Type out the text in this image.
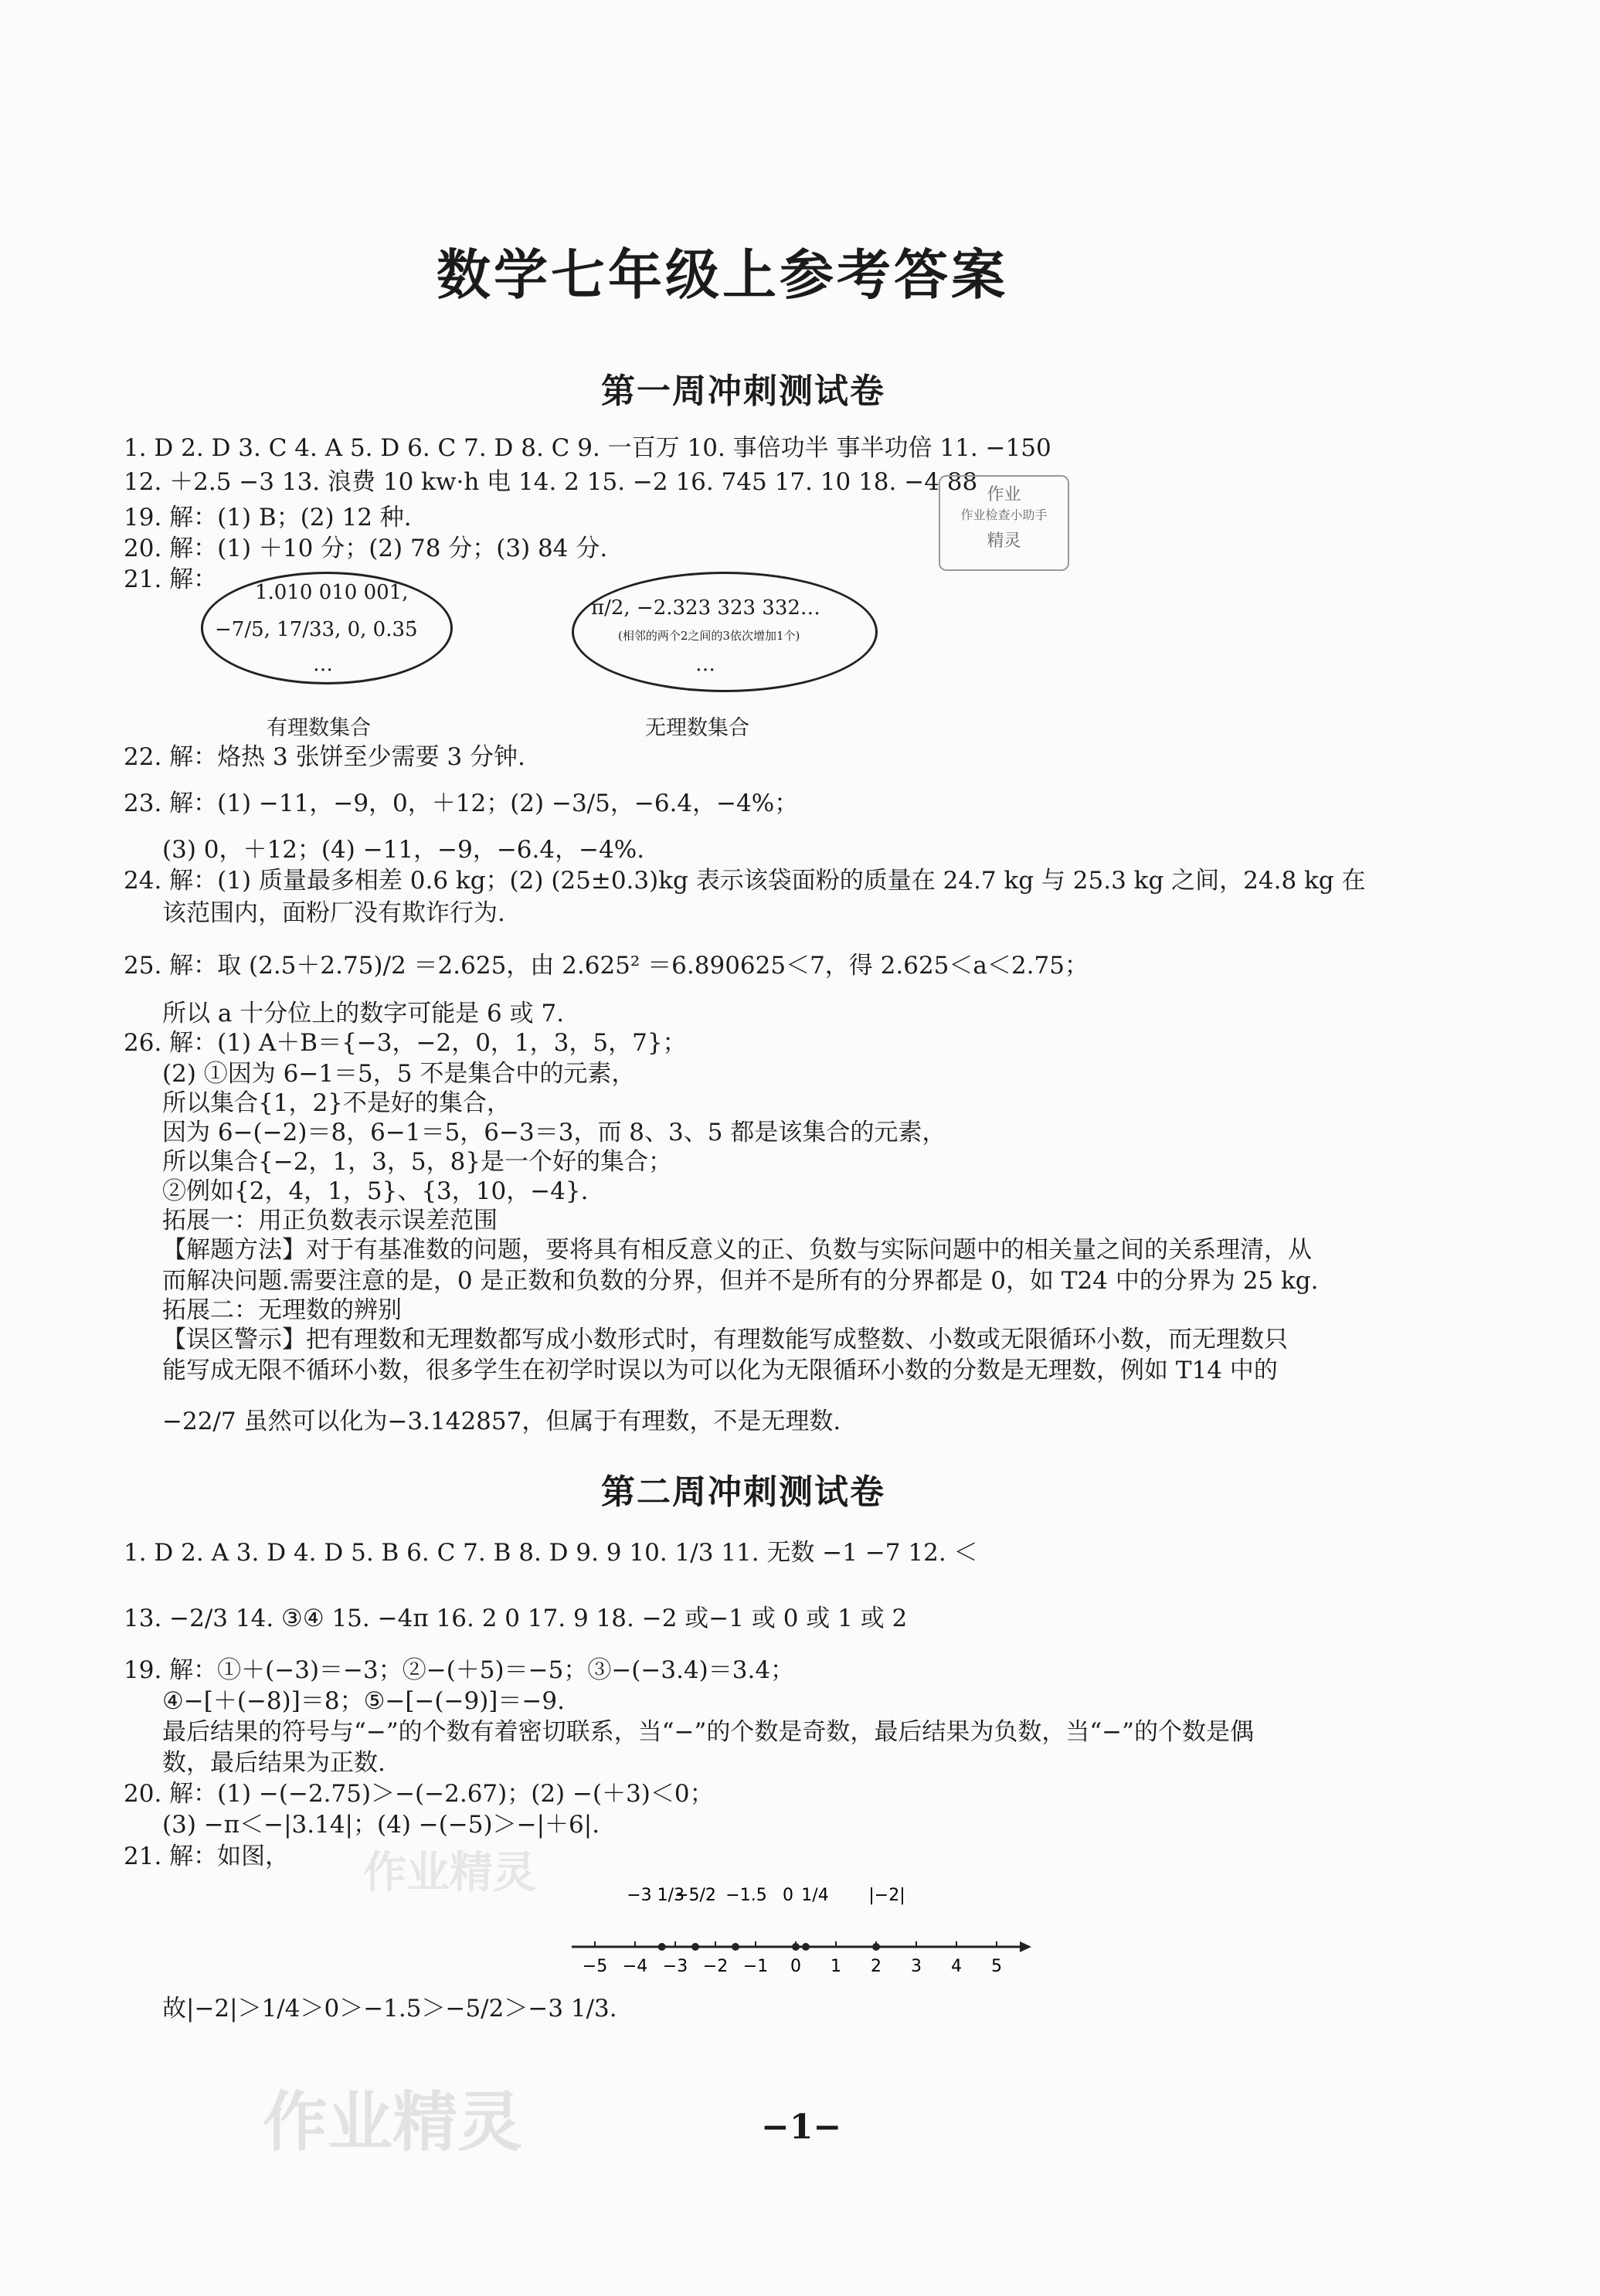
数学七年级上参考答案
第一周冲刺测试卷
1. D 2. D 3. C 4. A 5. D 6. C 7. D 8. C 9. 一百万 10. 事倍功半 事半功倍 11. −150
12. ＋2.5 −3 13. 浪费 10 kw·h 电 14. 2 15. −2 16. 745 17. 10 18. −4 88
19. 解：(1) B；(2) 12 种.
20. 解：(1) ＋10 分；(2) 78 分；(3) 84 分.
21. 解：
作业
作业检查小助手
精灵
1.010 010 001,
−7/5, 17/33, 0, 0.35̇
…
有理数集合
π/2, −2.323 323 332…
(相邻的两个2之间的3依次增加1个)
…
无理数集合
22. 解：烙热 3 张饼至少需要 3 分钟.
23. 解：(1) −11，−9，0，＋12；(2) −3/5，−6.4，−4%；
(3) 0，＋12；(4) −11，−9，−6.4，−4%.
24. 解：(1) 质量最多相差 0.6 kg；(2) (25±0.3)kg 表示该袋面粉的质量在 24.7 kg 与 25.3 kg 之间，24.8 kg 在
该范围内，面粉厂没有欺诈行为.
25. 解：取 (2.5＋2.75)/2 ＝2.625，由 2.625² ＝6.890625＜7，得 2.625＜a＜2.75；
所以 a 十分位上的数字可能是 6 或 7.
26. 解：(1) A＋B＝{−3，−2，0，1，3，5，7}；
(2) ①因为 6−1＝5，5 不是集合中的元素，
所以集合{1，2}不是好的集合，
因为 6−(−2)＝8，6−1＝5，6−3＝3，而 8、3、5 都是该集合的元素，
所以集合{−2，1，3，5，8}是一个好的集合；
②例如{2，4，1，5}、{3，10，−4}.
拓展一：用正负数表示误差范围
【解题方法】对于有基准数的问题，要将具有相反意义的正、负数与实际问题中的相关量之间的关系理清，从
而解决问题.需要注意的是，0 是正数和负数的分界，但并不是所有的分界都是 0，如 T24 中的分界为 25 kg.
拓展二：无理数的辨别
【误区警示】把有理数和无理数都写成小数形式时，有理数能写成整数、小数或无限循环小数，而无理数只
能写成无限不循环小数，很多学生在初学时误以为可以化为无限循环小数的分数是无理数，例如 T14 中的
−22/7 虽然可以化为−3.142857̇，但属于有理数，不是无理数.
第二周冲刺测试卷
1. D 2. A 3. D 4. D 5. B 6. C 7. B 8. D 9. 9 10. 1/3 11. 无数 −1 −7 12. ＜
13. −2/3 14. ③④ 15. −4π 16. 2 0 17. 9 18. −2 或−1 或 0 或 1 或 2
19. 解：①＋(−3)＝−3；②−(＋5)＝−5；③−(−3.4)＝3.4；
④−[＋(−8)]＝8；⑤−[−(−9)]＝−9.
最后结果的符号与“−”的个数有着密切联系，当“−”的个数是奇数，最后结果为负数，当“−”的个数是偶
数，最后结果为正数.
20. 解：(1) −(−2.75)＞−(−2.67)；(2) −(＋3)＜0；
(3) −π＜−|3.14|；(4) −(−5)＞−|＋6|.
21. 解：如图，
−5 −4 −3 −2 −1 0 1 2 3 4 5
−3 1/3
−5/2 −1.5 0 1/4 |−2|
故|−2|＞1/4＞0＞−1.5＞−5/2＞−3 1/3.
作业精灵
作业精灵	−1−
